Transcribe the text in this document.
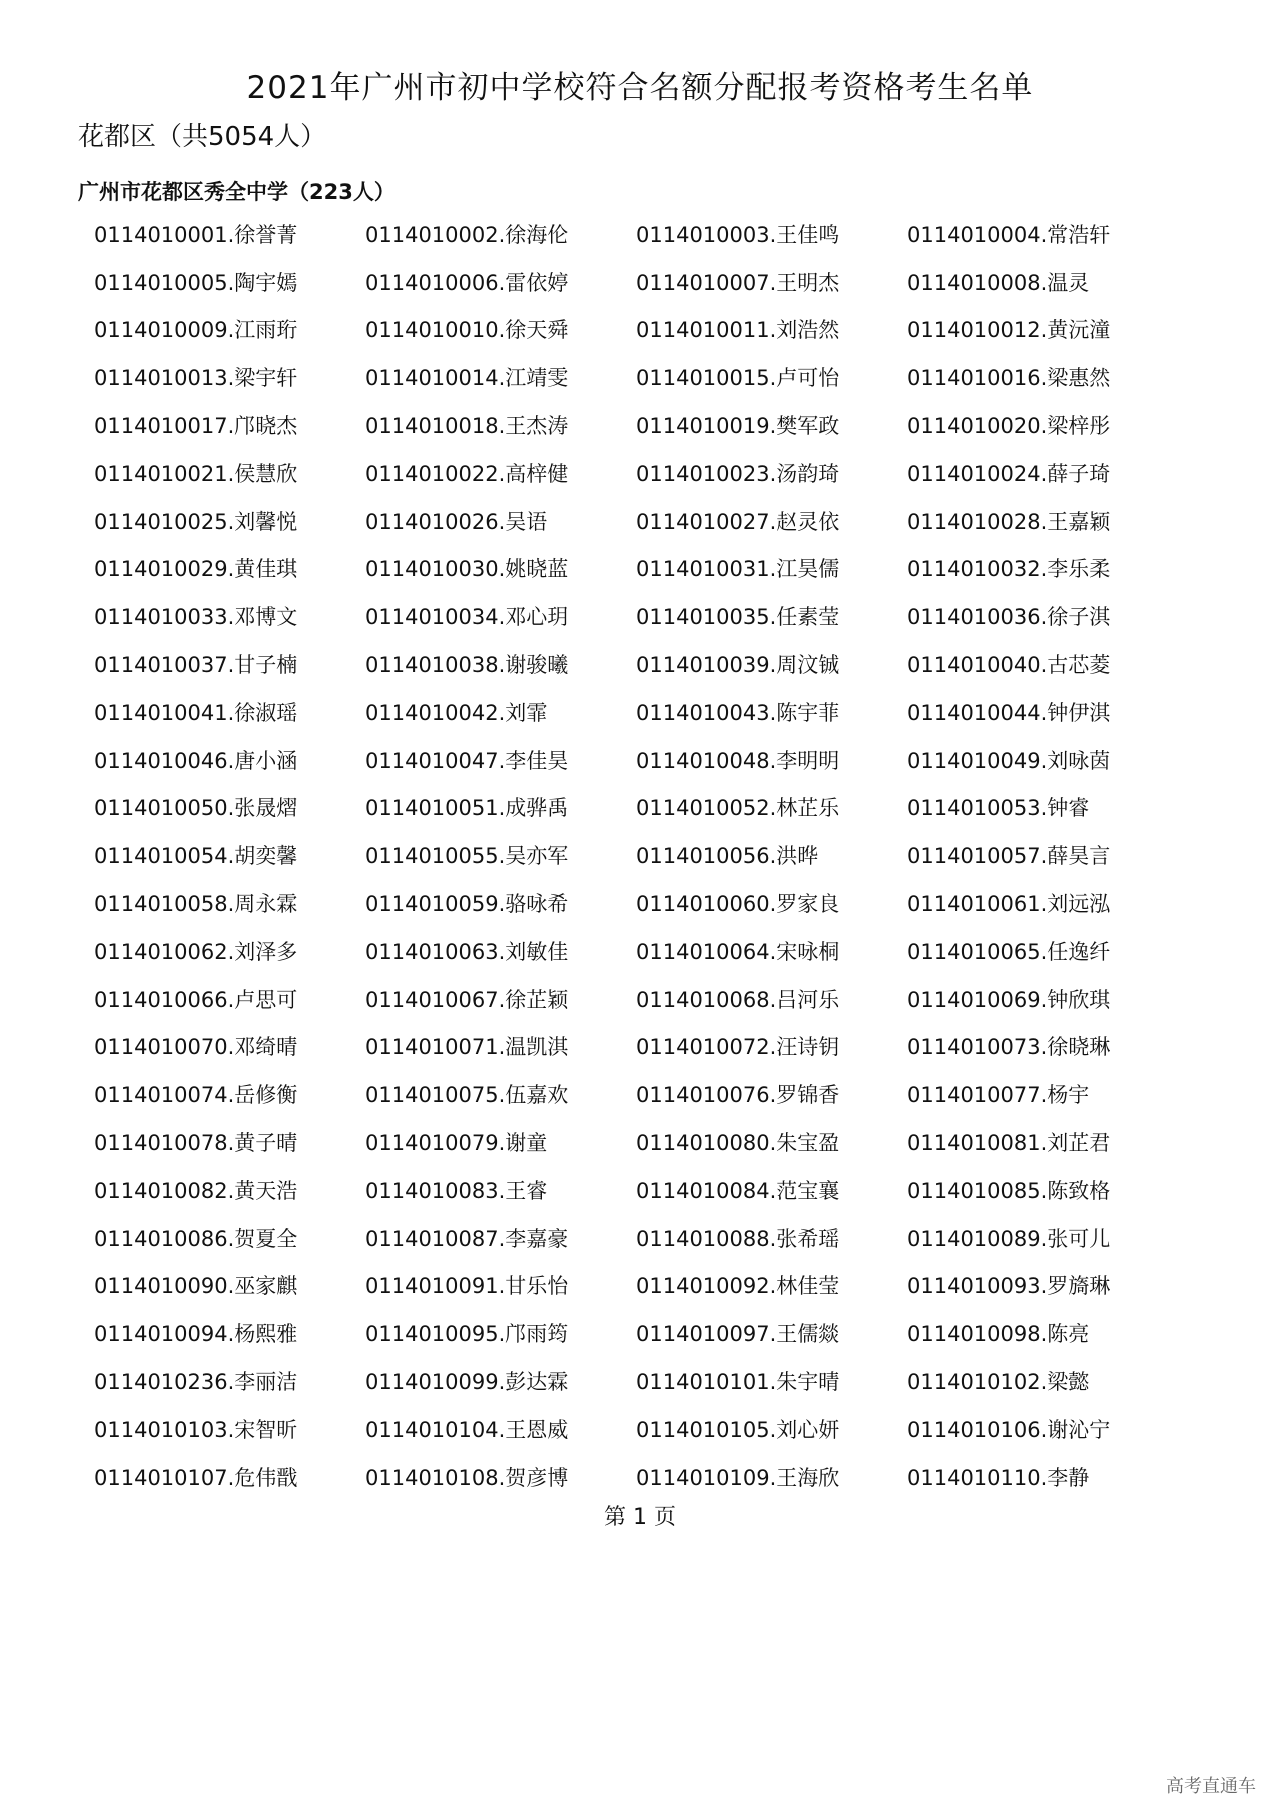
2021年广州市初中学校符合名额分配报考资格考生名单
花都区（共5054人）
广州市花都区秀全中学（223人）
0114010001.徐誉菁	0114010002.徐海伦	0114010003.王佳鸣	0114010004.常浩轩
0114010005.陶宇嫣	0114010006.雷依婷	0114010007.王明杰	0114010008.温灵
0114010009.江雨珩	0114010010.徐天舜	0114010011.刘浩然	0114010012.黄沅潼
0114010013.梁宇轩	0114010014.江靖雯	0114010015.卢可怡	0114010016.梁惠然
0114010017.邝晓杰	0114010018.王杰涛	0114010019.樊军政	0114010020.梁梓彤
0114010021.侯慧欣	0114010022.高梓健	0114010023.汤韵琦	0114010024.薛子琦
0114010025.刘馨悦	0114010026.吴语	0114010027.赵灵依	0114010028.王嘉颖
0114010029.黄佳琪	0114010030.姚晓蓝	0114010031.江昊儒	0114010032.李乐柔
0114010033.邓博文	0114010034.邓心玥	0114010035.任素莹	0114010036.徐子淇
0114010037.甘子楠	0114010038.谢骏曦	0114010039.周汶铖	0114010040.古芯菱
0114010041.徐淑瑶	0114010042.刘霏	0114010043.陈宇菲	0114010044.钟伊淇
0114010046.唐小涵	0114010047.李佳昊	0114010048.李明明	0114010049.刘咏茵
0114010050.张晟熠	0114010051.成骅禹	0114010052.林芷乐	0114010053.钟睿
0114010054.胡奕馨	0114010055.吴亦军	0114010056.洪晔	0114010057.薛昊言
0114010058.周永霖	0114010059.骆咏希	0114010060.罗家良	0114010061.刘远泓
0114010062.刘泽多	0114010063.刘敏佳	0114010064.宋咏桐	0114010065.任逸纤
0114010066.卢思可	0114010067.徐芷颖	0114010068.吕河乐	0114010069.钟欣琪
0114010070.邓绮晴	0114010071.温凯淇	0114010072.汪诗钥	0114010073.徐晓琳
0114010074.岳修衡	0114010075.伍嘉欢	0114010076.罗锦香	0114010077.杨宇
0114010078.黄子晴	0114010079.谢童	0114010080.朱宝盈	0114010081.刘芷君
0114010082.黄天浩	0114010083.王睿	0114010084.范宝襄	0114010085.陈致格
0114010086.贺夏全	0114010087.李嘉豪	0114010088.张希瑶	0114010089.张可儿
0114010090.巫家麒	0114010091.甘乐怡	0114010092.林佳莹	0114010093.罗旖琳
0114010094.杨熙雅	0114010095.邝雨筠	0114010097.王儒燚	0114010098.陈亮
0114010236.李丽洁	0114010099.彭达霖	0114010101.朱宇晴	0114010102.梁懿
0114010103.宋智昕	0114010104.王恩威	0114010105.刘心妍	0114010106.谢沁宁
0114010107.危伟戬	0114010108.贺彦博	0114010109.王海欣	0114010110.李静
第 1 页
高考直通车
